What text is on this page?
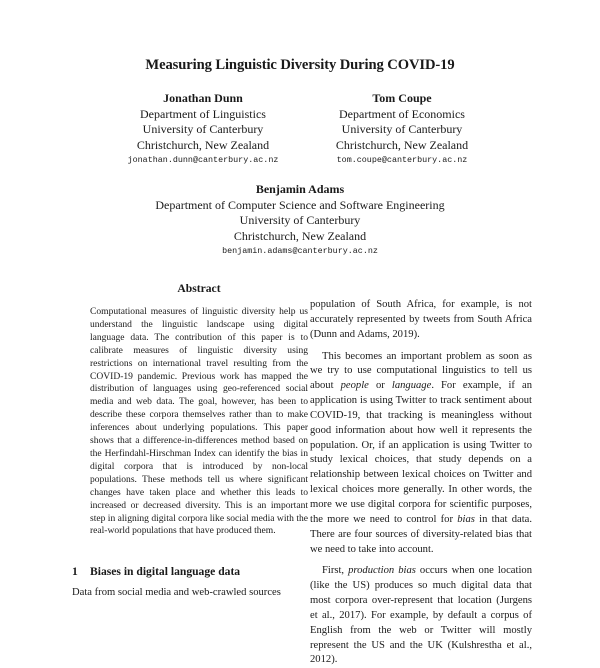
Measuring Linguistic Diversity During COVID-19
Jonathan Dunn
Department of Linguistics
University of Canterbury
Christchurch, New Zealand
jonathan.dunn@canterbury.ac.nz
Tom Coupe
Department of Economics
University of Canterbury
Christchurch, New Zealand
tom.coupe@canterbury.ac.nz
Benjamin Adams
Department of Computer Science and Software Engineering
University of Canterbury
Christchurch, New Zealand
benjamin.adams@canterbury.ac.nz
Abstract
Computational measures of linguistic diversity help us understand the linguistic landscape using digital language data. The contribution of this paper is to calibrate measures of linguistic diversity using restrictions on international travel resulting from the COVID-19 pandemic. Previous work has mapped the distribution of languages using geo-referenced social media and web data. The goal, however, has been to describe these corpora themselves rather than to make inferences about underlying populations. This paper shows that a difference-in-differences method based on the Herfindahl-Hirschman Index can identify the bias in digital corpora that is introduced by non-local populations. These methods tell us where significant changes have taken place and whether this leads to increased or decreased diversity. This is an important step in aligning digital corpora like social media with the real-world populations that have produced them.
1 Biases in digital language data
Data from social media and web-crawled sources

population of South Africa, for example, is not accurately represented by tweets from South Africa (Dunn and Adams, 2019).

This becomes an important problem as soon as we try to use computational linguistics to tell us about people or language. For example, if an application is using Twitter to track sentiment about COVID-19, that tracking is meaningless without good information about how well it represents the population. Or, if an application is using Twitter to study lexical choices, that study depends on a relationship between lexical choices on Twitter and lexical choices more generally. In other words, the more we use digital corpora for scientific purposes, the more we need to control for bias in that data. There are four sources of diversity-related bias that we need to take into account.

First, production bias occurs when one location (like the US) produces so much digital data that most corpora over-represent that location (Jurgens et al., 2017). For example, by default a corpus of English from the web or Twitter will mostly represent the US and the UK (Kulshrestha et al., 2012).
